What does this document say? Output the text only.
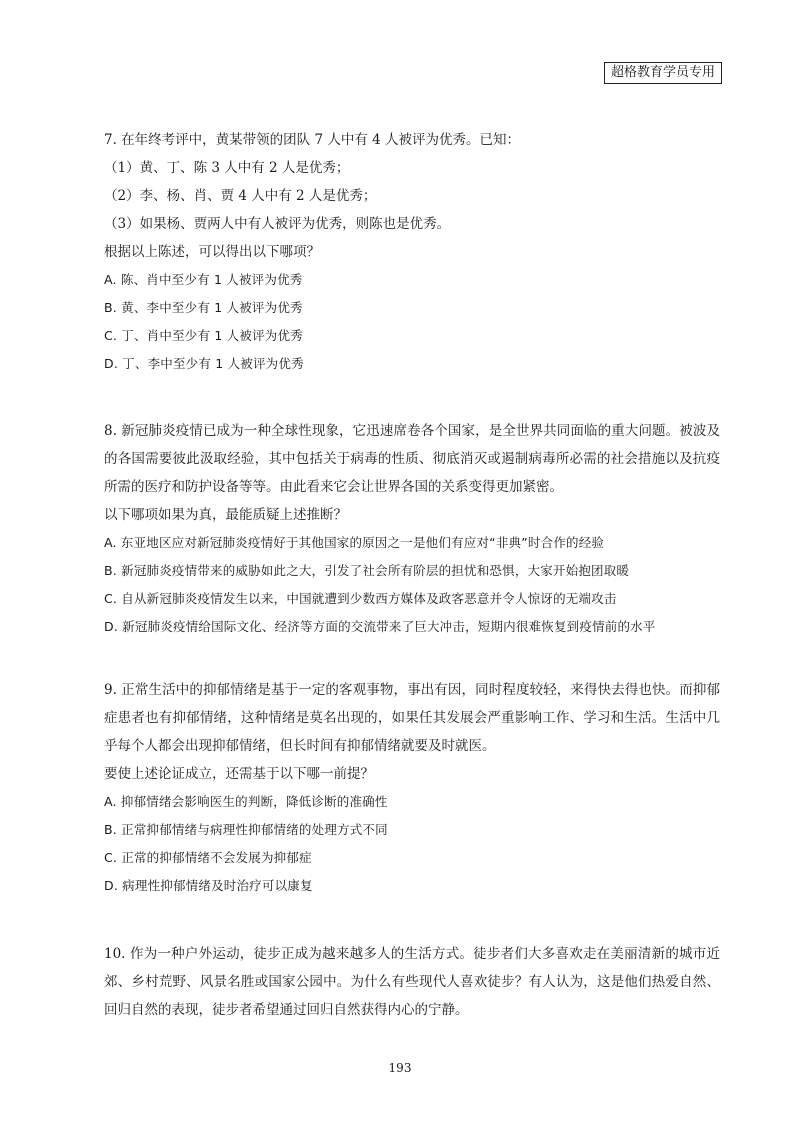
超格教育学员专用
7. 在年终考评中，黄某带领的团队 7 人中有 4 人被评为优秀。已知：
（1）黄、丁、陈 3 人中有 2 人是优秀；
（2）李、杨、肖、贾 4 人中有 2 人是优秀；
（3）如果杨、贾两人中有人被评为优秀，则陈也是优秀。
根据以上陈述，可以得出以下哪项？
A. 陈、肖中至少有 1 人被评为优秀
B. 黄、李中至少有 1 人被评为优秀
C. 丁、肖中至少有 1 人被评为优秀
D. 丁、李中至少有 1 人被评为优秀
8. 新冠肺炎疫情已成为一种全球性现象，它迅速席卷各个国家，是全世界共同面临的重大问题。被波及的各国需要彼此汲取经验，其中包括关于病毒的性质、彻底消灭或遏制病毒所必需的社会措施以及抗疫所需的医疗和防护设备等等。由此看来它会让世界各国的关系变得更加紧密。
以下哪项如果为真，最能质疑上述推断？
A. 东亚地区应对新冠肺炎疫情好于其他国家的原因之一是他们有应对“非典”时合作的经验
B. 新冠肺炎疫情带来的威胁如此之大，引发了社会所有阶层的担忧和恐惧，大家开始抱团取暖
C. 自从新冠肺炎疫情发生以来，中国就遭到少数西方媒体及政客恶意并令人惊讶的无端攻击
D. 新冠肺炎疫情给国际文化、经济等方面的交流带来了巨大冲击，短期内很难恢复到疫情前的水平
9. 正常生活中的抑郁情绪是基于一定的客观事物，事出有因，同时程度较轻，来得快去得也快。而抑郁症患者也有抑郁情绪，这种情绪是莫名出现的，如果任其发展会严重影响工作、学习和生活。生活中几乎每个人都会出现抑郁情绪，但长时间有抑郁情绪就要及时就医。
要使上述论证成立，还需基于以下哪一前提？
A. 抑郁情绪会影响医生的判断，降低诊断的准确性
B. 正常抑郁情绪与病理性抑郁情绪的处理方式不同
C. 正常的抑郁情绪不会发展为抑郁症
D. 病理性抑郁情绪及时治疗可以康复
10. 作为一种户外运动，徒步正成为越来越多人的生活方式。徒步者们大多喜欢走在美丽清新的城市近郊、乡村荒野、风景名胜或国家公园中。为什么有些现代人喜欢徒步？有人认为，这是他们热爱自然、回归自然的表现，徒步者希望通过回归自然获得内心的宁静。
193
